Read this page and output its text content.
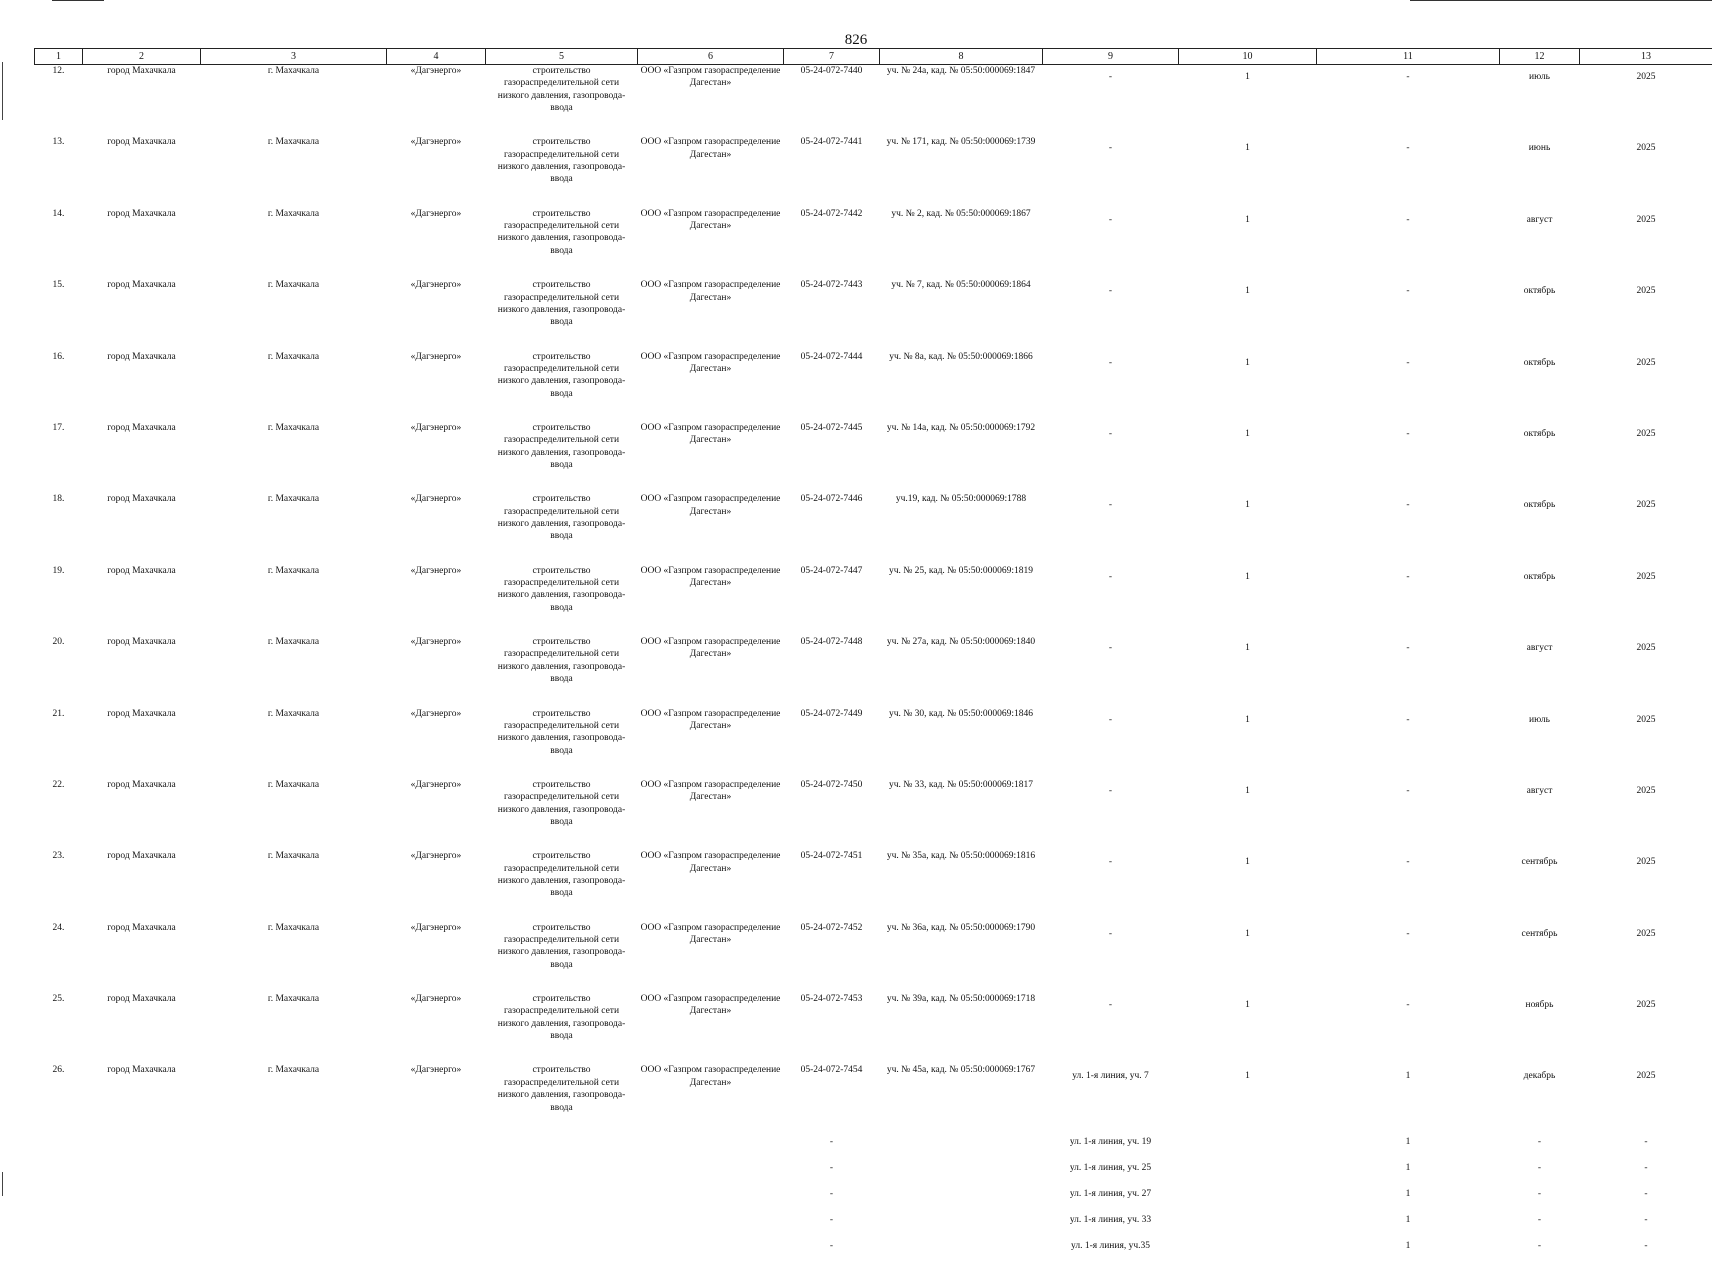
826
1	2	3	4	5	6	7	8	9	10	11	12	13
12.	город Махачкала	г. Махачкала	«Дагэнерго»	строительство газораспределительной сети низкого давления, газопровода-ввода	ООО «Газпром газораспределение Дагестан»	05-24-072-7440	уч. № 24а, кад. № 05:50:000069:1847	-	1	-	июль	2025
13.	город Махачкала	г. Махачкала	«Дагэнерго»	строительство газораспределительной сети низкого давления, газопровода-ввода	ООО «Газпром газораспределение Дагестан»	05-24-072-7441	уч. № 171, кад. № 05:50:000069:1739	-	1	-	июнь	2025
14.	город Махачкала	г. Махачкала	«Дагэнерго»	строительство газораспределительной сети низкого давления, газопровода-ввода	ООО «Газпром газораспределение Дагестан»	05-24-072-7442	уч. № 2, кад. № 05:50:000069:1867	-	1	-	август	2025
15.	город Махачкала	г. Махачкала	«Дагэнерго»	строительство газораспределительной сети низкого давления, газопровода-ввода	ООО «Газпром газораспределение Дагестан»	05-24-072-7443	уч. № 7, кад. № 05:50:000069:1864	-	1	-	октябрь	2025
16.	город Махачкала	г. Махачкала	«Дагэнерго»	строительство газораспределительной сети низкого давления, газопровода-ввода	ООО «Газпром газораспределение Дагестан»	05-24-072-7444	уч. № 8а, кад. № 05:50:000069:1866	-	1	-	октябрь	2025
17.	город Махачкала	г. Махачкала	«Дагэнерго»	строительство газораспределительной сети низкого давления, газопровода-ввода	ООО «Газпром газораспределение Дагестан»	05-24-072-7445	уч. № 14а, кад. № 05:50:000069:1792	-	1	-	октябрь	2025
18.	город Махачкала	г. Махачкала	«Дагэнерго»	строительство газораспределительной сети низкого давления, газопровода-ввода	ООО «Газпром газораспределение Дагестан»	05-24-072-7446	уч.19, кад. № 05:50:000069:1788	-	1	-	октябрь	2025
19.	город Махачкала	г. Махачкала	«Дагэнерго»	строительство газораспределительной сети низкого давления, газопровода-ввода	ООО «Газпром газораспределение Дагестан»	05-24-072-7447	уч. № 25, кад. № 05:50:000069:1819	-	1	-	октябрь	2025
20.	город Махачкала	г. Махачкала	«Дагэнерго»	строительство газораспределительной сети низкого давления, газопровода-ввода	ООО «Газпром газораспределение Дагестан»	05-24-072-7448	уч. № 27а, кад. № 05:50:000069:1840	-	1	-	август	2025
21.	город Махачкала	г. Махачкала	«Дагэнерго»	строительство газораспределительной сети низкого давления, газопровода-ввода	ООО «Газпром газораспределение Дагестан»	05-24-072-7449	уч. № 30, кад. № 05:50:000069:1846	-	1	-	июль	2025
22.	город Махачкала	г. Махачкала	«Дагэнерго»	строительство газораспределительной сети низкого давления, газопровода-ввода	ООО «Газпром газораспределение Дагестан»	05-24-072-7450	уч. № 33, кад. № 05:50:000069:1817	-	1	-	август	2025
23.	город Махачкала	г. Махачкала	«Дагэнерго»	строительство газораспределительной сети низкого давления, газопровода-ввода	ООО «Газпром газораспределение Дагестан»	05-24-072-7451	уч. № 35а, кад. № 05:50:000069:1816	-	1	-	сентябрь	2025
24.	город Махачкала	г. Махачкала	«Дагэнерго»	строительство газораспределительной сети низкого давления, газопровода-ввода	ООО «Газпром газораспределение Дагестан»	05-24-072-7452	уч. № 36а, кад. № 05:50:000069:1790	-	1	-	сентябрь	2025
25.	город Махачкала	г. Махачкала	«Дагэнерго»	строительство газораспределительной сети низкого давления, газопровода-ввода	ООО «Газпром газораспределение Дагестан»	05-24-072-7453	уч. № 39а, кад. № 05:50:000069:1718	-	1	-	ноябрь	2025
26.	город Махачкала	г. Махачкала	«Дагэнерго»	строительство газораспределительной сети низкого давления, газопровода-ввода	ООО «Газпром газораспределение Дагестан»	05-24-072-7454	уч. № 45а, кад. № 05:50:000069:1767	ул. 1-я линия, уч. 7	1	1	декабрь	2025
						-		ул. 1-я линия, уч. 19		1	-	-
						-		ул. 1-я линия, уч. 25		1	-	-
						-		ул. 1-я линия, уч. 27		1	-	-
						-		ул. 1-я линия, уч. 33		1	-	-
						-		ул. 1-я линия, уч.35		1	-	-
